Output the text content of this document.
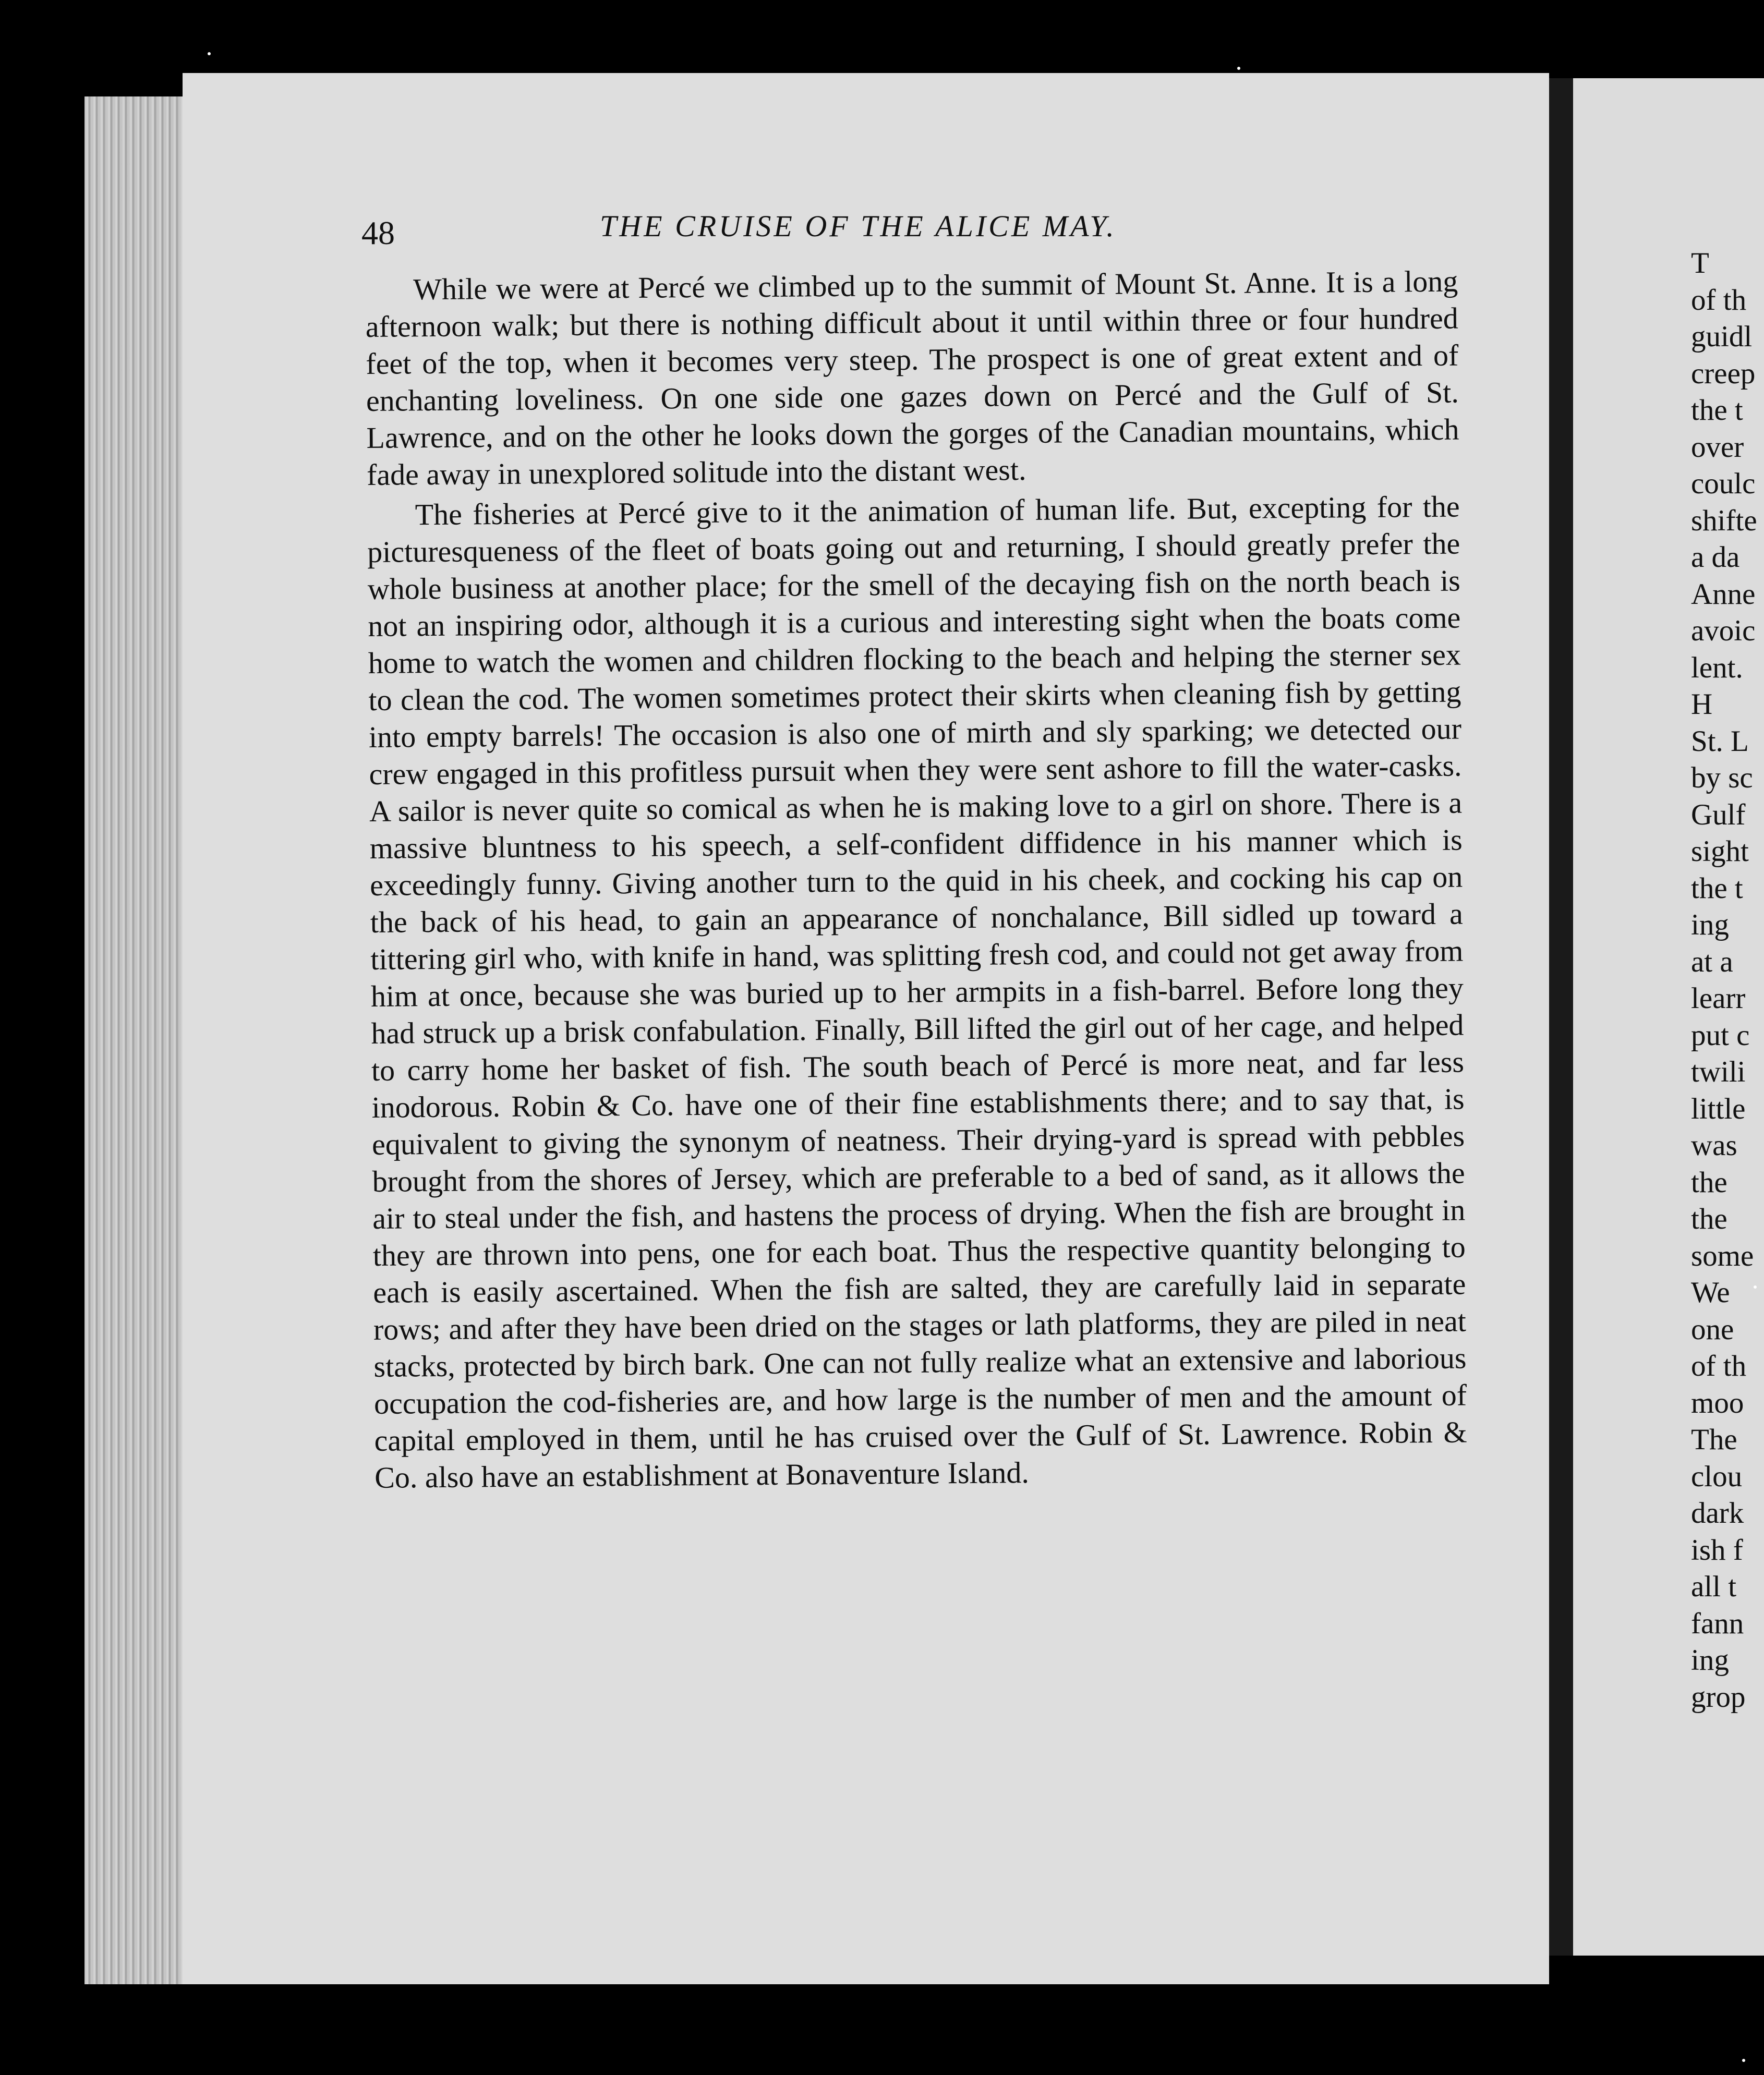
48	THE CRUISE OF THE ALICE MAY.

While we were at Percé we climbed up to the summit of Mount St. Anne. It is a long afternoon walk; but there is nothing difficult about it until within three or four hundred feet of the top, when it becomes very steep. The prospect is one of great extent and of enchanting loveliness. On one side one gazes down on Percé and the Gulf of St. Lawrence, and on the other he looks down the gorges of the Canadian mountains, which fade away in unexplored solitude into the distant west.

The fisheries at Percé give to it the animation of human life. But, excepting for the picturesqueness of the fleet of boats going out and returning, I should greatly prefer the whole business at another place; for the smell of the decaying fish on the north beach is not an inspiring odor, although it is a curious and interesting sight when the boats come home to watch the women and children flocking to the beach and helping the sterner sex to clean the cod. The women sometimes protect their skirts when cleaning fish by getting into empty barrels! The occasion is also one of mirth and sly sparking; we detected our crew engaged in this profitless pursuit when they were sent ashore to fill the water-casks. A sailor is never quite so comical as when he is making love to a girl on shore. There is a massive bluntness to his speech, a self-confident diffidence in his manner which is exceedingly funny. Giving another turn to the quid in his cheek, and cocking his cap on the back of his head, to gain an appearance of nonchalance, Bill sidled up toward a tittering girl who, with knife in hand, was splitting fresh cod, and could not get away from him at once, because she was buried up to her armpits in a fish-barrel. Before long they had struck up a brisk confabulation. Finally, Bill lifted the girl out of her cage, and helped to carry home her basket of fish. The south beach of Percé is more neat, and far less inodorous. Robin & Co. have one of their fine establishments there; and to say that, is equivalent to giving the synonym of neatness. Their drying-yard is spread with pebbles brought from the shores of Jersey, which are preferable to a bed of sand, as it allows the air to steal under the fish, and hastens the process of drying. When the fish are brought in they are thrown into pens, one for each boat. Thus the respective quantity belonging to each is easily ascertained. When the fish are salted, they are carefully laid in separate rows; and after they have been dried on the stages or lath platforms, they are piled in neat stacks, protected by birch bark. One can not fully realize what an extensive and laborious occupation the cod-fisheries are, and how large is the number of men and the amount of capital employed in them, until he has cruised over the Gulf of St. Lawrence. Robin & Co. also have an establishment at Bonaventure Island.

T
of th
guidl
creep
the t
over
coulc
shifte
a da
Anne
avoic
lent.
H
St. L
by sc
Gulf
sight
the t
ing
at a
learr
put c
twili
little
was
the
the
some
We
one
of th
moo
The
clou
dark
ish f
all t
fann
ing
grop
